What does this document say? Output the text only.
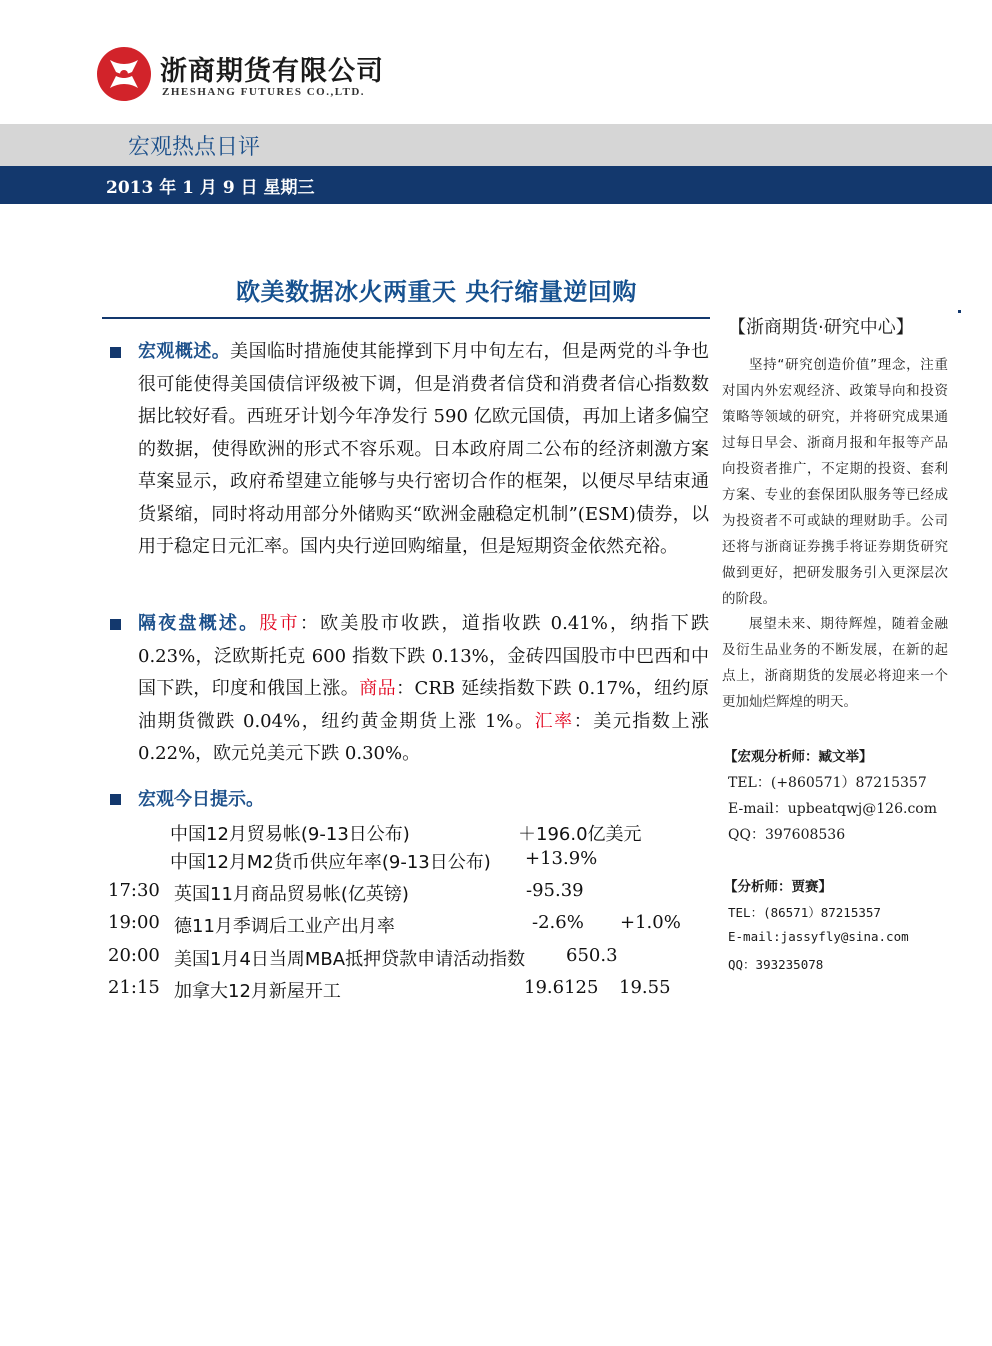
浙商期货有限公司
ZHESHANG FUTURES CO.,LTD.
宏观热点日评
2013 年 1 月 9 日 星期三
欧美数据冰火两重天 央行缩量逆回购
宏观概述。美国临时措施使其能撑到下月中旬左右，但是两党的斗争也很可能使得美国债信评级被下调，但是消费者信贷和消费者信心指数数据比较好看。西班牙计划今年净发行 590 亿欧元国债，再加上诸多偏空的数据，使得欧洲的形式不容乐观。日本政府周二公布的经济刺激方案草案显示，政府希望建立能够与央行密切合作的框架，以便尽早结束通货紧缩，同时将动用部分外储购买“欧洲金融稳定机制”(ESM)债券，以用于稳定日元汇率。国内央行逆回购缩量，但是短期资金依然充裕。
隔夜盘概述。股市：欧美股市收跌，道指收跌 0.41%，纳指下跌 0.23%，泛欧斯托克 600 指数下跌 0.13%，金砖四国股市中巴西和中国下跌，印度和俄国上涨。商品：CRB 延续指数下跌 0.17%，纽约原油期货微跌 0.04%，纽约黄金期货上涨 1%。汇率：美元指数上涨 0.22%，欧元兑美元下跌 0.30%。
宏观今日提示。
中国12月贸易帐(9-13日公布)	＋196.0亿美元
中国12月M2货币供应年率(9-13日公布) +13.9%
17:30 英国11月商品贸易帐(亿英镑)	-95.39
19:00 德11月季调后工业产出月率	-2.6% +1.0%
20:00 美国1月4日当周MBA抵押贷款申请活动指数 650.3
21:15 加拿大12月新屋开工	19.6125 19.55
【浙商期货·研究中心】
坚持“研究创造价值”理念，注重对国内外宏观经济、政策导向和投资策略等领域的研究，并将研究成果通过每日早会、浙商月报和年报等产品向投资者推广，不定期的投资、套利方案、专业的套保团队服务等已经成为投资者不可或缺的理财助手。公司还将与浙商证券携手将证券期货研究做到更好，把研发服务引入更深层次的阶段。
展望未来、期待辉煌，随着金融及衍生品业务的不断发展，在新的起点上，浙商期货的发展必将迎来一个更加灿烂辉煌的明天。
【宏观分析师：臧文举】
TEL：(+860571）87215357
E-mail：upbeatqwj@126.com
QQ：397608536
【分析师：贾赛】
TEL：(86571）87215357
E-mail:jassyfly@sina.com
QQ：393235078
